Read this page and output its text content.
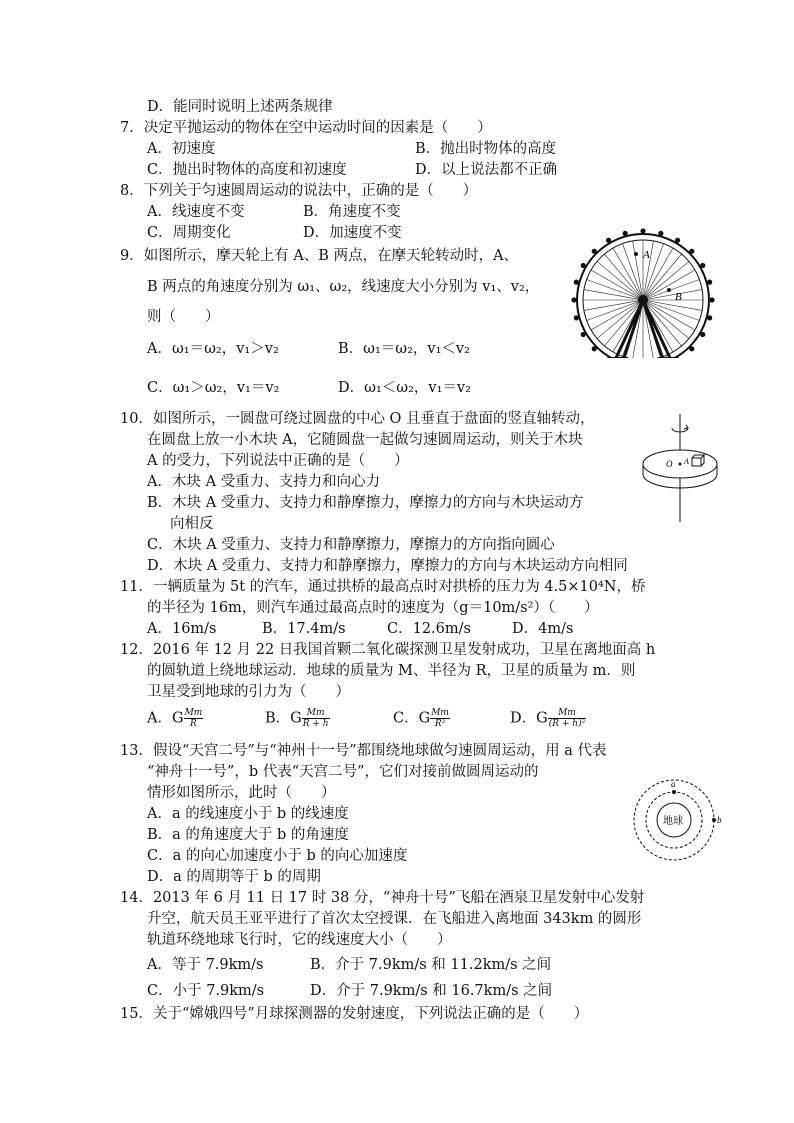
D．能同时说明上述两条规律
7．决定平抛运动的物体在空中运动时间的因素是（　　）
A．初速度	B．抛出时物体的高度
C．抛出时物体的高度和初速度	D．以上说法都不正确
8．下列关于匀速圆周运动的说法中，正确的是（　　）
A．线速度不变	B．角速度不变
C．周期变化	D．加速度不变
9．如图所示，摩天轮上有 A、B 两点，在摩天轮转动时，A、
B 两点的角速度分别为 ω₁、ω₂，线速度大小分别为 v₁、v₂，
则（　　）
A．ω₁＝ω₂，v₁＞v₂	B．ω₁＝ω₂，v₁＜v₂
C．ω₁＞ω₂，v₁＝v₂	D．ω₁＜ω₂，v₁＝v₂
A
B
10．如图所示，一圆盘可绕过圆盘的中心 O 且垂直于盘面的竖直轴转动，
在圆盘上放一小木块 A，它随圆盘一起做匀速圆周运动，则关于木块
A 的受力，下列说法中正确的是（　　）
A．木块 A 受重力、支持力和向心力
B．木块 A 受重力、支持力和静摩擦力，摩擦力的方向与木块运动方
向相反
C．木块 A 受重力、支持力和静摩擦力，摩擦力的方向指向圆心
D．木块 A 受重力、支持力和静摩擦力，摩擦力的方向与木块运动方向相同
O A
11．一辆质量为 5t 的汽车，通过拱桥的最高点时对拱桥的压力为 4.5×10⁴N，桥
的半径为 16m，则汽车通过最高点时的速度为（g＝10m/s²）（　　）
A．16m/s	B．17.4m/s	C．12.6m/s	D．4m/s
12．2016 年 12 月 22 日我国首颗二氧化碳探测卫星发射成功，卫星在离地面高 h
的圆轨道上绕地球运动．地球的质量为 M、半径为 R，卫星的质量为 m．则
卫星受到地球的引力为（　　）
A．G $\frac{Mm}{R}$	B．G $\frac{Mm}{R + h}$	C．G $\frac{Mm}{\text{R²}}$	D．G $\frac{Mm}{\text{(R + h)²}}$
13．假设“天宫二号”与“神州十一号”都围绕地球做匀速圆周运动，用 a 代表
“神舟十一号”，b 代表“天宫二号”，它们对接前做圆周运动的
情形如图所示，此时（　　）
A．a 的线速度小于 b 的线速度
B．a 的角速度大于 b 的角速度
C．a 的向心加速度小于 b 的向心加速度
D．a 的周期等于 b 的周期
地球
a
b
14．2013 年 6 月 11 日 17 时 38 分，“神舟十号”飞船在酒泉卫星发射中心发射
升空，航天员王亚平进行了首次太空授课．在飞船进入离地面 343km 的圆形
轨道环绕地球飞行时，它的线速度大小（　　）
A．等于 7.9km/s	B．介于 7.9km/s 和 11.2km/s 之间
C．小于 7.9km/s	D．介于 7.9km/s 和 16.7km/s 之间
15．关于“嫦娥四号”月球探测器的发射速度，下列说法正确的是（　　）
